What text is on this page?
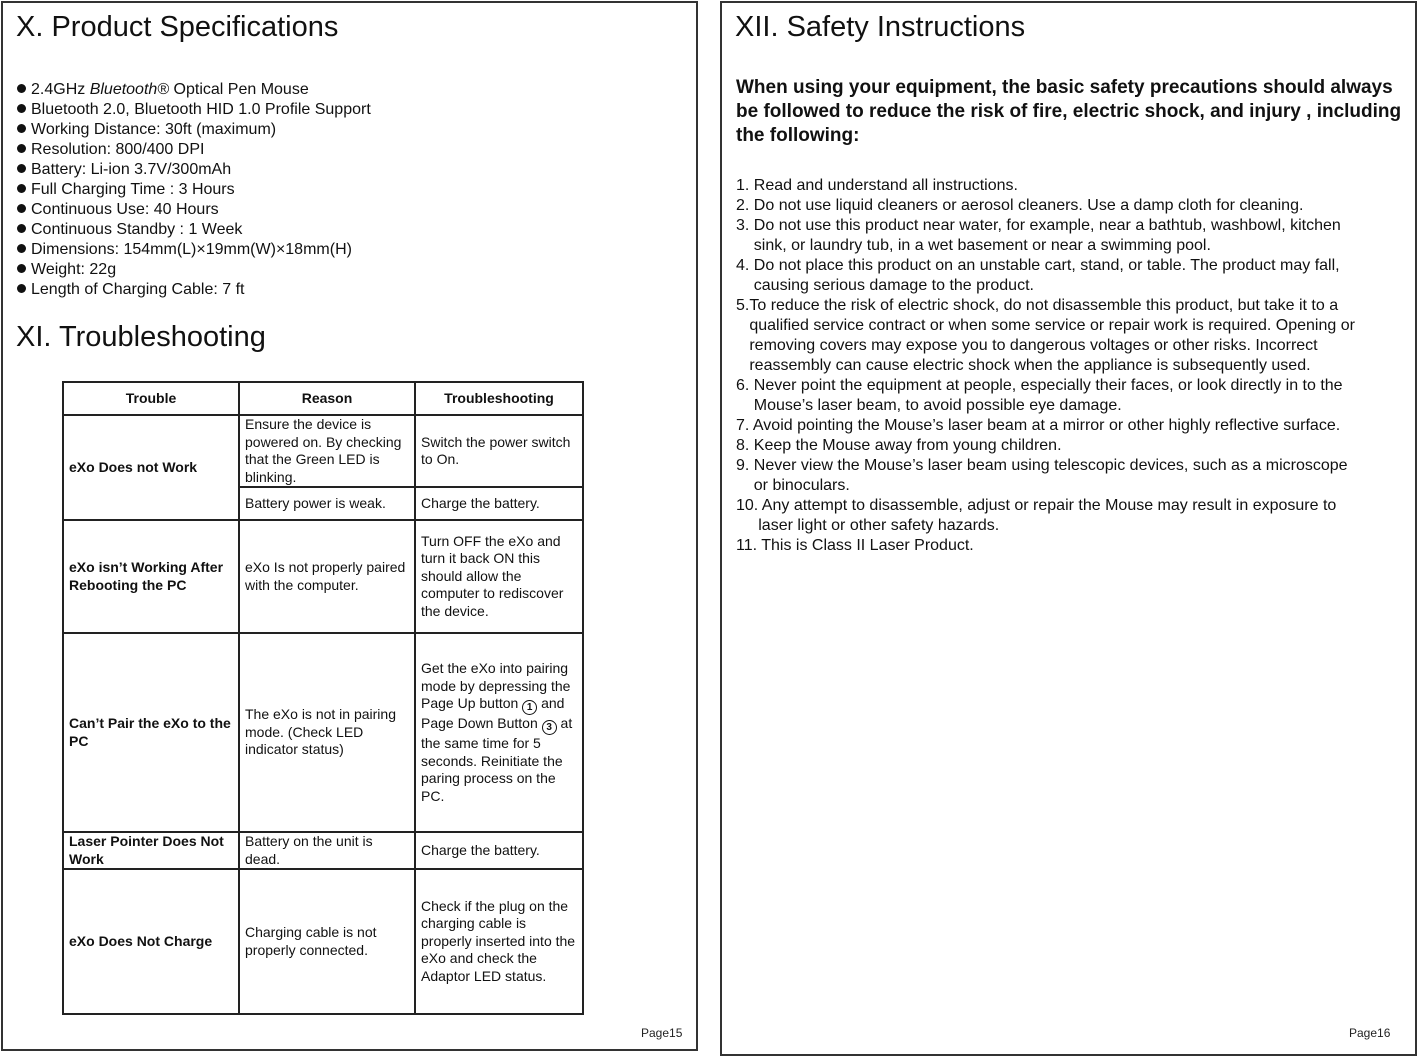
X. Product Specifications
2.4GHz Bluetooth® Optical Pen Mouse
Bluetooth 2.0, Bluetooth HID 1.0 Profile Support
Working Distance: 30ft (maximum)
Resolution: 800/400 DPI
Battery: Li-ion 3.7V/300mAh
Full Charging Time : 3 Hours
Continuous Use: 40 Hours
Continuous Standby : 1 Week
Dimensions: 154mm(L)×19mm(W)×18mm(H)
Weight: 22g
Length of Charging Cable: 7 ft
XI. Troubleshooting
Trouble	Reason	Troubleshooting
eXo Does not Work	Ensure the device is powered on. By checking that the Green LED is blinking.	Switch the power switch to On.
	Battery power is weak.	Charge the battery.
eXo isn’t Working After Rebooting the PC	eXo Is not properly paired with the computer.	Turn OFF the eXo and turn it back ON this should allow the computer to rediscover the device.
Can’t Pair the eXo to the PC	The eXo is not in pairing mode. (Check LED indicator status)	Get the eXo into pairing mode by depressing the Page Up button 1 and Page Down Button 3 at the same time for 5 seconds. Reinitiate the paring process on the PC.
Laser Pointer Does Not Work	Battery on the unit is dead.	Charge the battery.
eXo Does Not Charge	Charging cable is not properly connected.	Check if the plug on the charging cable is properly inserted into the eXo and check the Adaptor LED status.
Page15
XII. Safety Instructions

When using your equipment, the basic safety precautions should always be followed to reduce the risk of fire, electric shock, and injury , including the following:

1. Read and understand all instructions.
2. Do not use liquid cleaners or aerosol cleaners. Use a damp cloth for cleaning.
3. Do not use this product near water, for example, near a bathtub, washbowl, kitchen
sink, or laundry tub, in a wet basement or near a swimming pool.
4. Do not place this product on an unstable cart, stand, or table. The product may fall,
causing serious damage to the product.
5.To reduce the risk of electric shock, do not disassemble this product, but take it to a
qualified service contract or when some service or repair work is required. Opening or
removing covers may expose you to dangerous voltages or other risks. Incorrect
reassembly can cause electric shock when the appliance is subsequently used.
6. Never point the equipment at people, especially their faces, or look directly in to the
Mouse’s laser beam, to avoid possible eye damage.
7. Avoid pointing the Mouse’s laser beam at a mirror or other highly reflective surface.
8. Keep the Mouse away from young children.
9. Never view the Mouse’s laser beam using telescopic devices, such as a microscope
or binoculars.
10. Any attempt to disassemble, adjust or repair the Mouse may result in exposure to
laser light or other safety hazards.
11. This is Class II Laser Product.
Page16
